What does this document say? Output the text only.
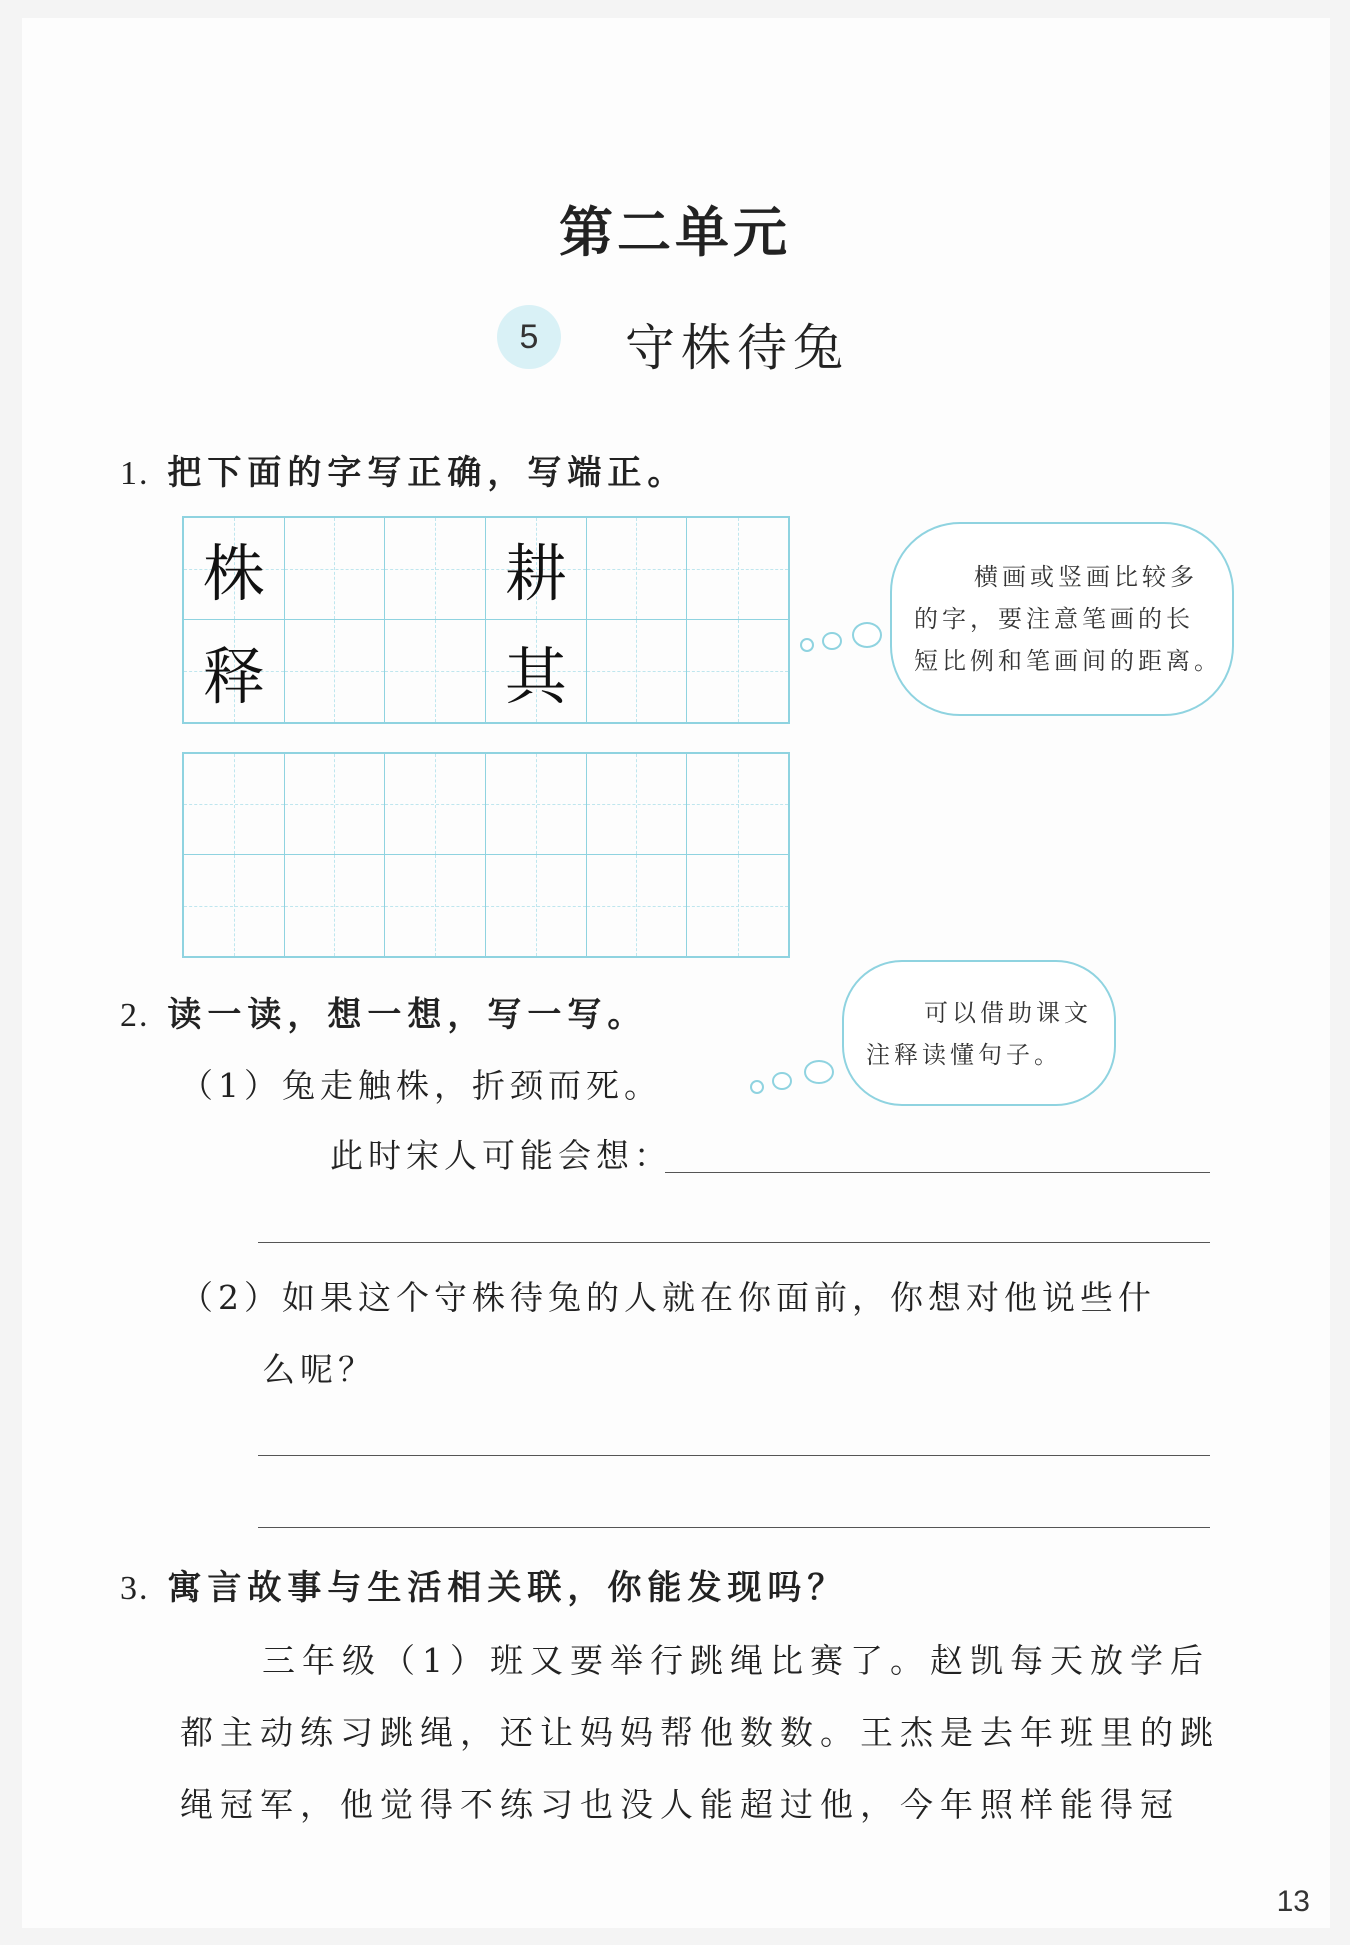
第二单元
5	守株待兔
1. 把下面的字写正确，写端正。
株	耕
释	其
横画或竖画比较多
的字，要注意笔画的长
短比例和笔画间的距离。
2. 读一读，想一想，写一写。	可以借助课文
注释读懂句子。
（1）兔走触株，折颈而死。
此时宋人可能会想：
（2）如果这个守株待兔的人就在你面前，你想对他说些什
么呢？
3. 寓言故事与生活相关联，你能发现吗？
三年级（1）班又要举行跳绳比赛了。赵凯每天放学后
都主动练习跳绳，还让妈妈帮他数数。王杰是去年班里的跳
绳冠军，他觉得不练习也没人能超过他，今年照样能得冠
13
